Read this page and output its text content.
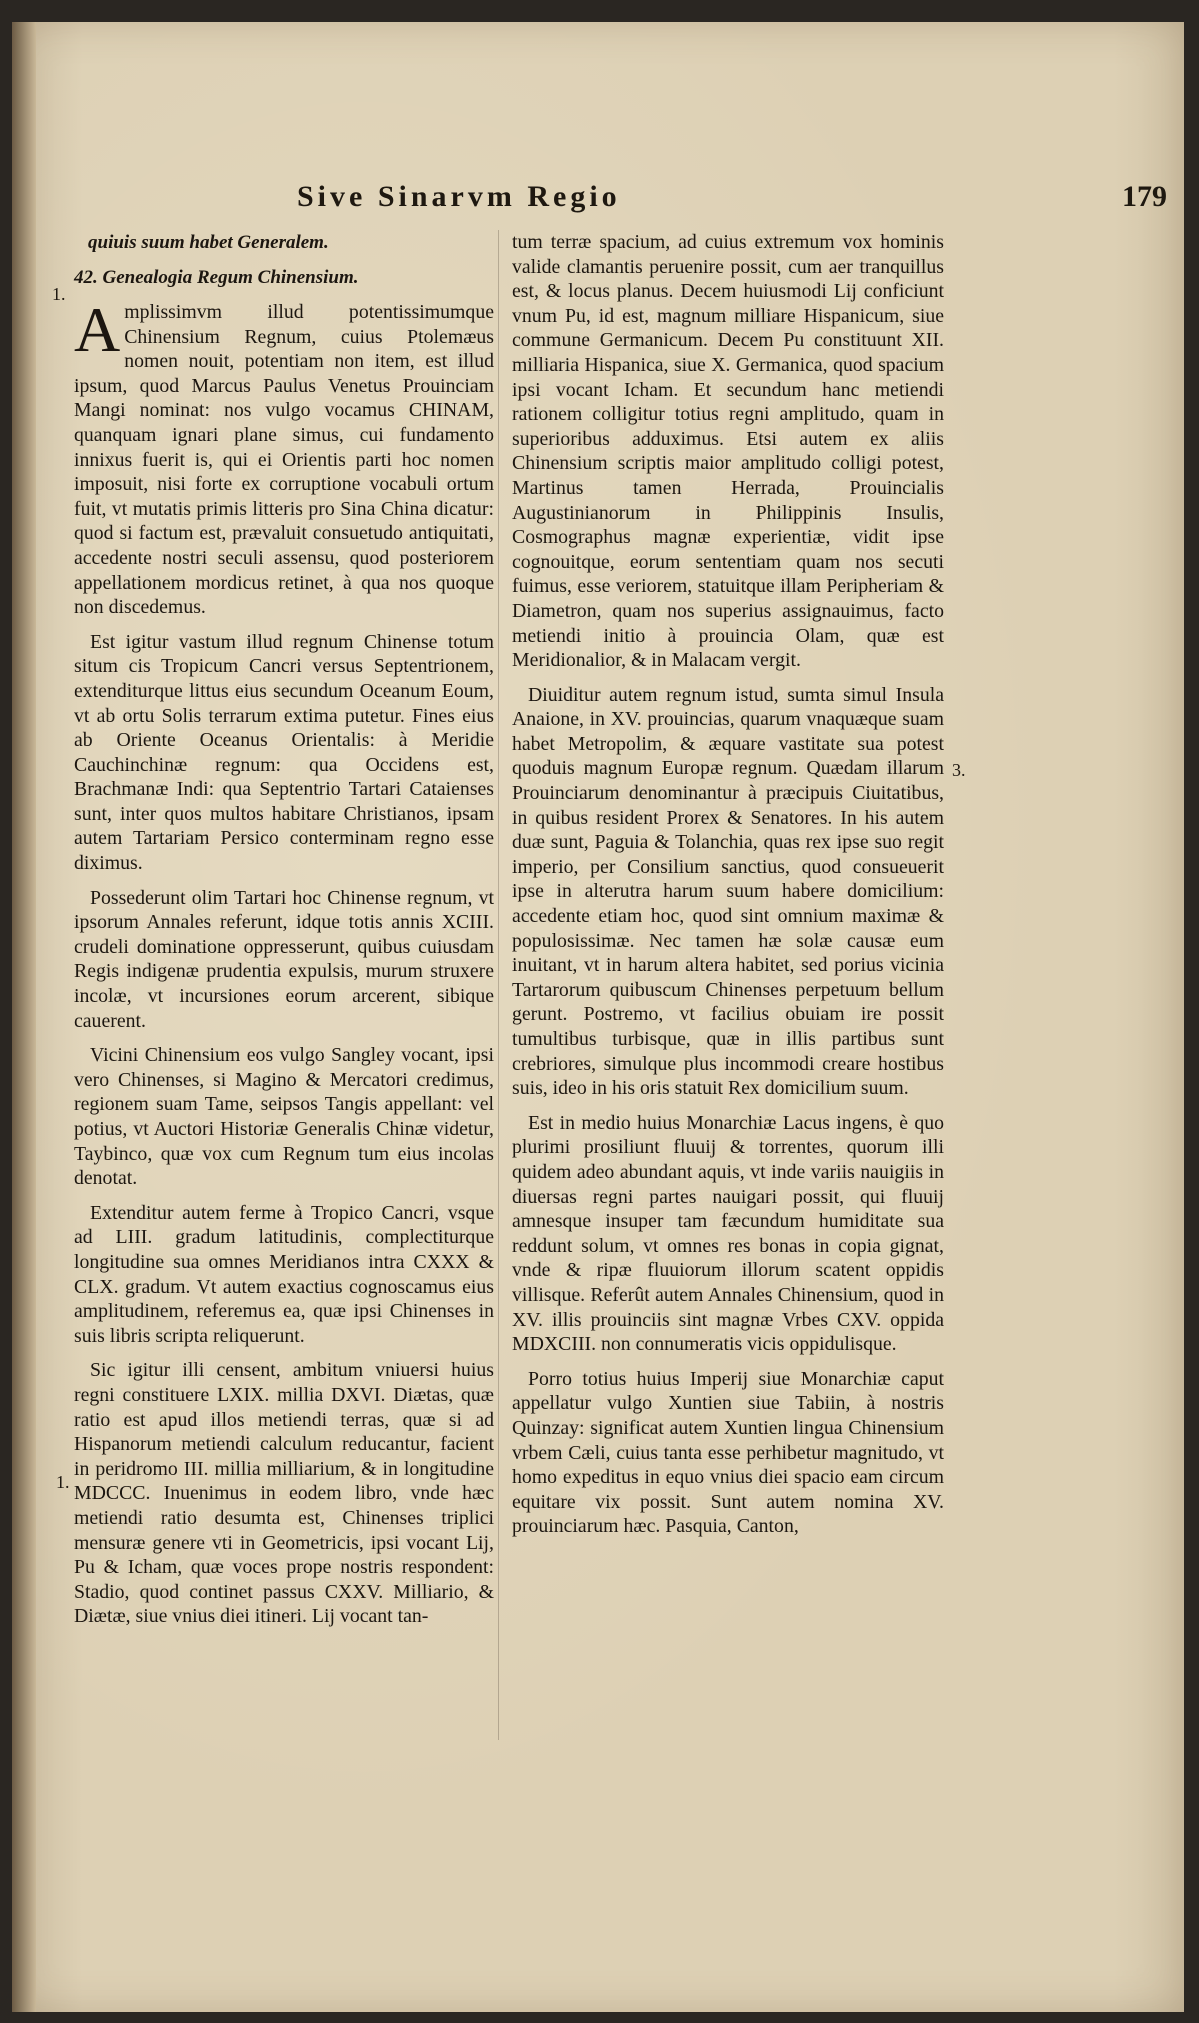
Sive Sinarvm Regio	179

quiuis suum habet Generalem.

42. Genealogia Regum Chinensium.

Amplissimvm illud potentissimumque Chinensium Regnum, cuius Ptolemæus nomen nouit, potentiam non item, est illud ipsum, quod Marcus Paulus Venetus Prouinciam Mangi nominat: nos vulgo vocamus CHINAM, quanquam ignari plane simus, cui fundamento innixus fuerit is, qui ei Orientis parti hoc nomen imposuit, nisi forte ex corruptione vocabuli ortum fuit, vt mutatis primis litteris pro Sina China dicatur: quod si factum est, prævaluit consuetudo antiquitati, accedente nostri seculi assensu, quod posteriorem appellationem mordicus retinet, à qua nos quoque non discedemus.

Est igitur vastum illud regnum Chinense totum situm cis Tropicum Cancri versus Septentrionem, extenditurque littus eius secundum Oceanum Eoum, vt ab ortu Solis terrarum extima putetur. Fines eius ab Oriente Oceanus Orientalis: à Meridie Cauchinchinæ regnum: qua Occidens est, Brachmanæ Indi: qua Septentrio Tartari Cataienses sunt, inter quos multos habitare Christianos, ipsam autem Tartariam Persico conterminam regno esse diximus.

Possederunt olim Tartari hoc Chinense regnum, vt ipsorum Annales referunt, idque totis annis XCIII. crudeli dominatione oppresserunt, quibus cuiusdam Regis indigenæ prudentia expulsis, murum struxere incolæ, vt incursiones eorum arcerent, sibique cauerent.

Vicini Chinensium eos vulgo Sangley vocant, ipsi vero Chinenses, si Magino & Mercatori credimus, regionem suam Tame, seipsos Tangis appellant: vel potius, vt Auctori Historiæ Generalis Chinæ videtur, Taybinco, quæ vox cum Regnum tum eius incolas denotat.

Extenditur autem ferme à Tropico Cancri, vsque ad LIII. gradum latitudinis, complectiturque longitudine sua omnes Meridianos intra CXXX & CLX. gradum. Vt autem exactius cognoscamus eius amplitudinem, referemus ea, quæ ipsi Chinenses in suis libris scripta reliquerunt.

Sic igitur illi censent, ambitum vniuersi huius regni constituere LXIX. millia DXVI. Diætas, quæ ratio est apud illos metiendi terras, quæ si ad Hispanorum metiendi calculum reducantur, facient in peridromo III. millia milliarium, & in longitudine MDCCC. Inuenimus in eodem libro, vnde hæc metiendi ratio desumta est, Chinenses triplici mensuræ genere vti in Geometricis, ipsi vocant Lij, Pu & Icham, quæ voces prope nostris respondent: Stadio, quod continet passus CXXV. Milliario, & Diætæ, siue vnius diei itineri. Lij vocant tan-

1.
1.

tum terræ spacium, ad cuius extremum vox hominis valide clamantis peruenire possit, cum aer tranquillus est, & locus planus. Decem huiusmodi Lij conficiunt vnum Pu, id est, magnum milliare Hispanicum, siue commune Germanicum. Decem Pu constituunt XII. milliaria Hispanica, siue X. Germanica, quod spacium ipsi vocant Icham. Et secundum hanc metiendi rationem colligitur totius regni amplitudo, quam in superioribus adduximus. Etsi autem ex aliis Chinensium scriptis maior amplitudo colligi potest, Martinus tamen Herrada, Prouincialis Augustinianorum in Philippinis Insulis, Cosmographus magnæ experientiæ, vidit ipse cognouitque, eorum sententiam quam nos secuti fuimus, esse veriorem, statuitque illam Peripheriam & Diametron, quam nos superius assignauimus, facto metiendi initio à prouincia Olam, quæ est Meridionalior, & in Malacam vergit.

Diuiditur autem regnum istud, sumta simul Insula Anaione, in XV. prouincias, quarum vnaquæque suam habet Metropolim, & æquare vastitate sua potest quoduis magnum Europæ regnum. Quædam illarum Prouinciarum denominantur à præcipuis Ciuitatibus, in quibus resident Prorex & Senatores. In his autem duæ sunt, Paguia & Tolanchia, quas rex ipse suo regit imperio, per Consilium sanctius, quod consueuerit ipse in alterutra harum suum habere domicilium: accedente etiam hoc, quod sint omnium maximæ & populosissimæ. Nec tamen hæ solæ causæ eum inuitant, vt in harum altera habitet, sed porius vicinia Tartarorum quibuscum Chinenses perpetuum bellum gerunt. Postremo, vt facilius obuiam ire possit tumultibus turbisque, quæ in illis partibus sunt crebriores, simulque plus incommodi creare hostibus suis, ideo in his oris statuit Rex domicilium suum.

Est in medio huius Monarchiæ Lacus ingens, è quo plurimi prosiliunt fluuij & torrentes, quorum illi quidem adeo abundant aquis, vt inde variis nauigiis in diuersas regni partes nauigari possit, qui fluuij amnesque insuper tam fæcundum humiditate sua reddunt solum, vt omnes res bonas in copia gignat, vnde & ripæ fluuiorum illorum scatent oppidis villisque. Referût autem Annales Chinensium, quod in XV. illis prouinciis sint magnæ Vrbes CXV. oppida MDXCIII. non connumeratis vicis oppidulisque.

Porro totius huius Imperij siue Monarchiæ caput appellatur vulgo Xuntien siue Tabiin, à nostris Quinzay: significat autem Xuntien lingua Chinensium vrbem Cæli, cuius tanta esse perhibetur magnitudo, vt homo expeditus in equo vnius diei spacio eam circum equitare vix possit. Sunt autem nomina XV. prouinciarum hæc. Pasquia, Canton,

3.
